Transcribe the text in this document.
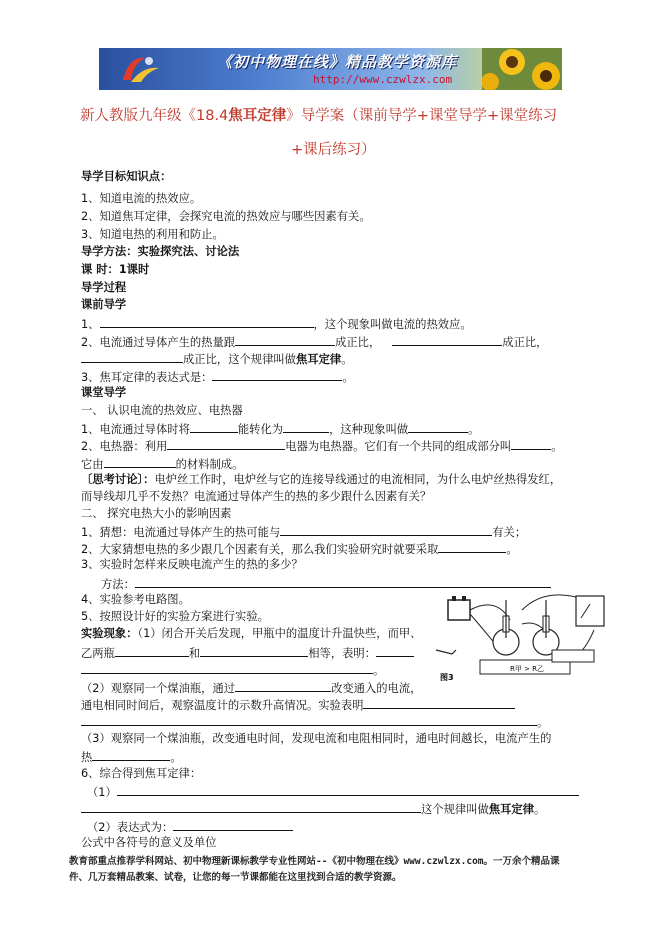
《初中物理在线》精品教学资源库
http://www.czwlzx.com
新人教版九年级《18.4焦耳定律》导学案（课前导学+课堂导学+课堂练习
+课后练习）
导学目标知识点：
1、知道电流的热效应。
2、知道焦耳定律，会探究电流的热效应与哪些因素有关。
3、知道电热的利用和防止。
导学方法：实验探究法、讨论法
课 时：1课时
导学过程
课前导学
1、	，这个现象叫做电流的热效应。
2、电流通过导体产生的热量跟	成正比，	成正比，
成正比，这个规律叫做焦耳定律。
3、焦耳定律的表达式是：	。
课堂导学
一、 认识电流的热效应、电热器
1、电流通过导体时将	能转化为	，这种现象叫做	。
2、电热器：利用	电器为电热器。它们有一个共同的组成部分叫	。
它由	的材料制成。
〔思考讨论〕：电炉丝工作时，电炉丝与它的连接导线通过的电流相同，为什么电炉丝热得发红，
而导线却几乎不发热？电流通过导体产生的热的多少跟什么因素有关？
二、 探究电热大小的影响因素
1、猜想：电流通过导体产生的热可能与	有关；
2、大家猜想电热的多少跟几个因素有关，那么我们实验研究时就要采取	。
3、实验时怎样来反映电流产生的热的多少？
方法：
4、实验参考电路图。
5、按照设计好的实验方案进行实验。
实验现象：（1）闭合开关后发现，甲瓶中的温度计升温快些，而甲、
乙两瓶	和	相等，表明：
。
（2）观察同一个煤油瓶，通过	改变通入的电流，
通电相同时间后，观察温度计的示数升高情况。实验表明
。
（3）观察同一个煤油瓶，改变通电时间，发现电流和电阻相同时，通电时间越长，电流产生的
热	。
6、综合得到焦耳定律：
（1）
这个规律叫做焦耳定律。
（2）表达式为：
公式中各符号的意义及单位
R甲 > R乙
图3
教育部重点推荐学科网站、初中物理新课标教学专业性网站--《初中物理在线》www.czwlzx.com。一万余个精品课
件、几万套精品教案、试卷，让您的每一节课都能在这里找到合适的教学资源。
